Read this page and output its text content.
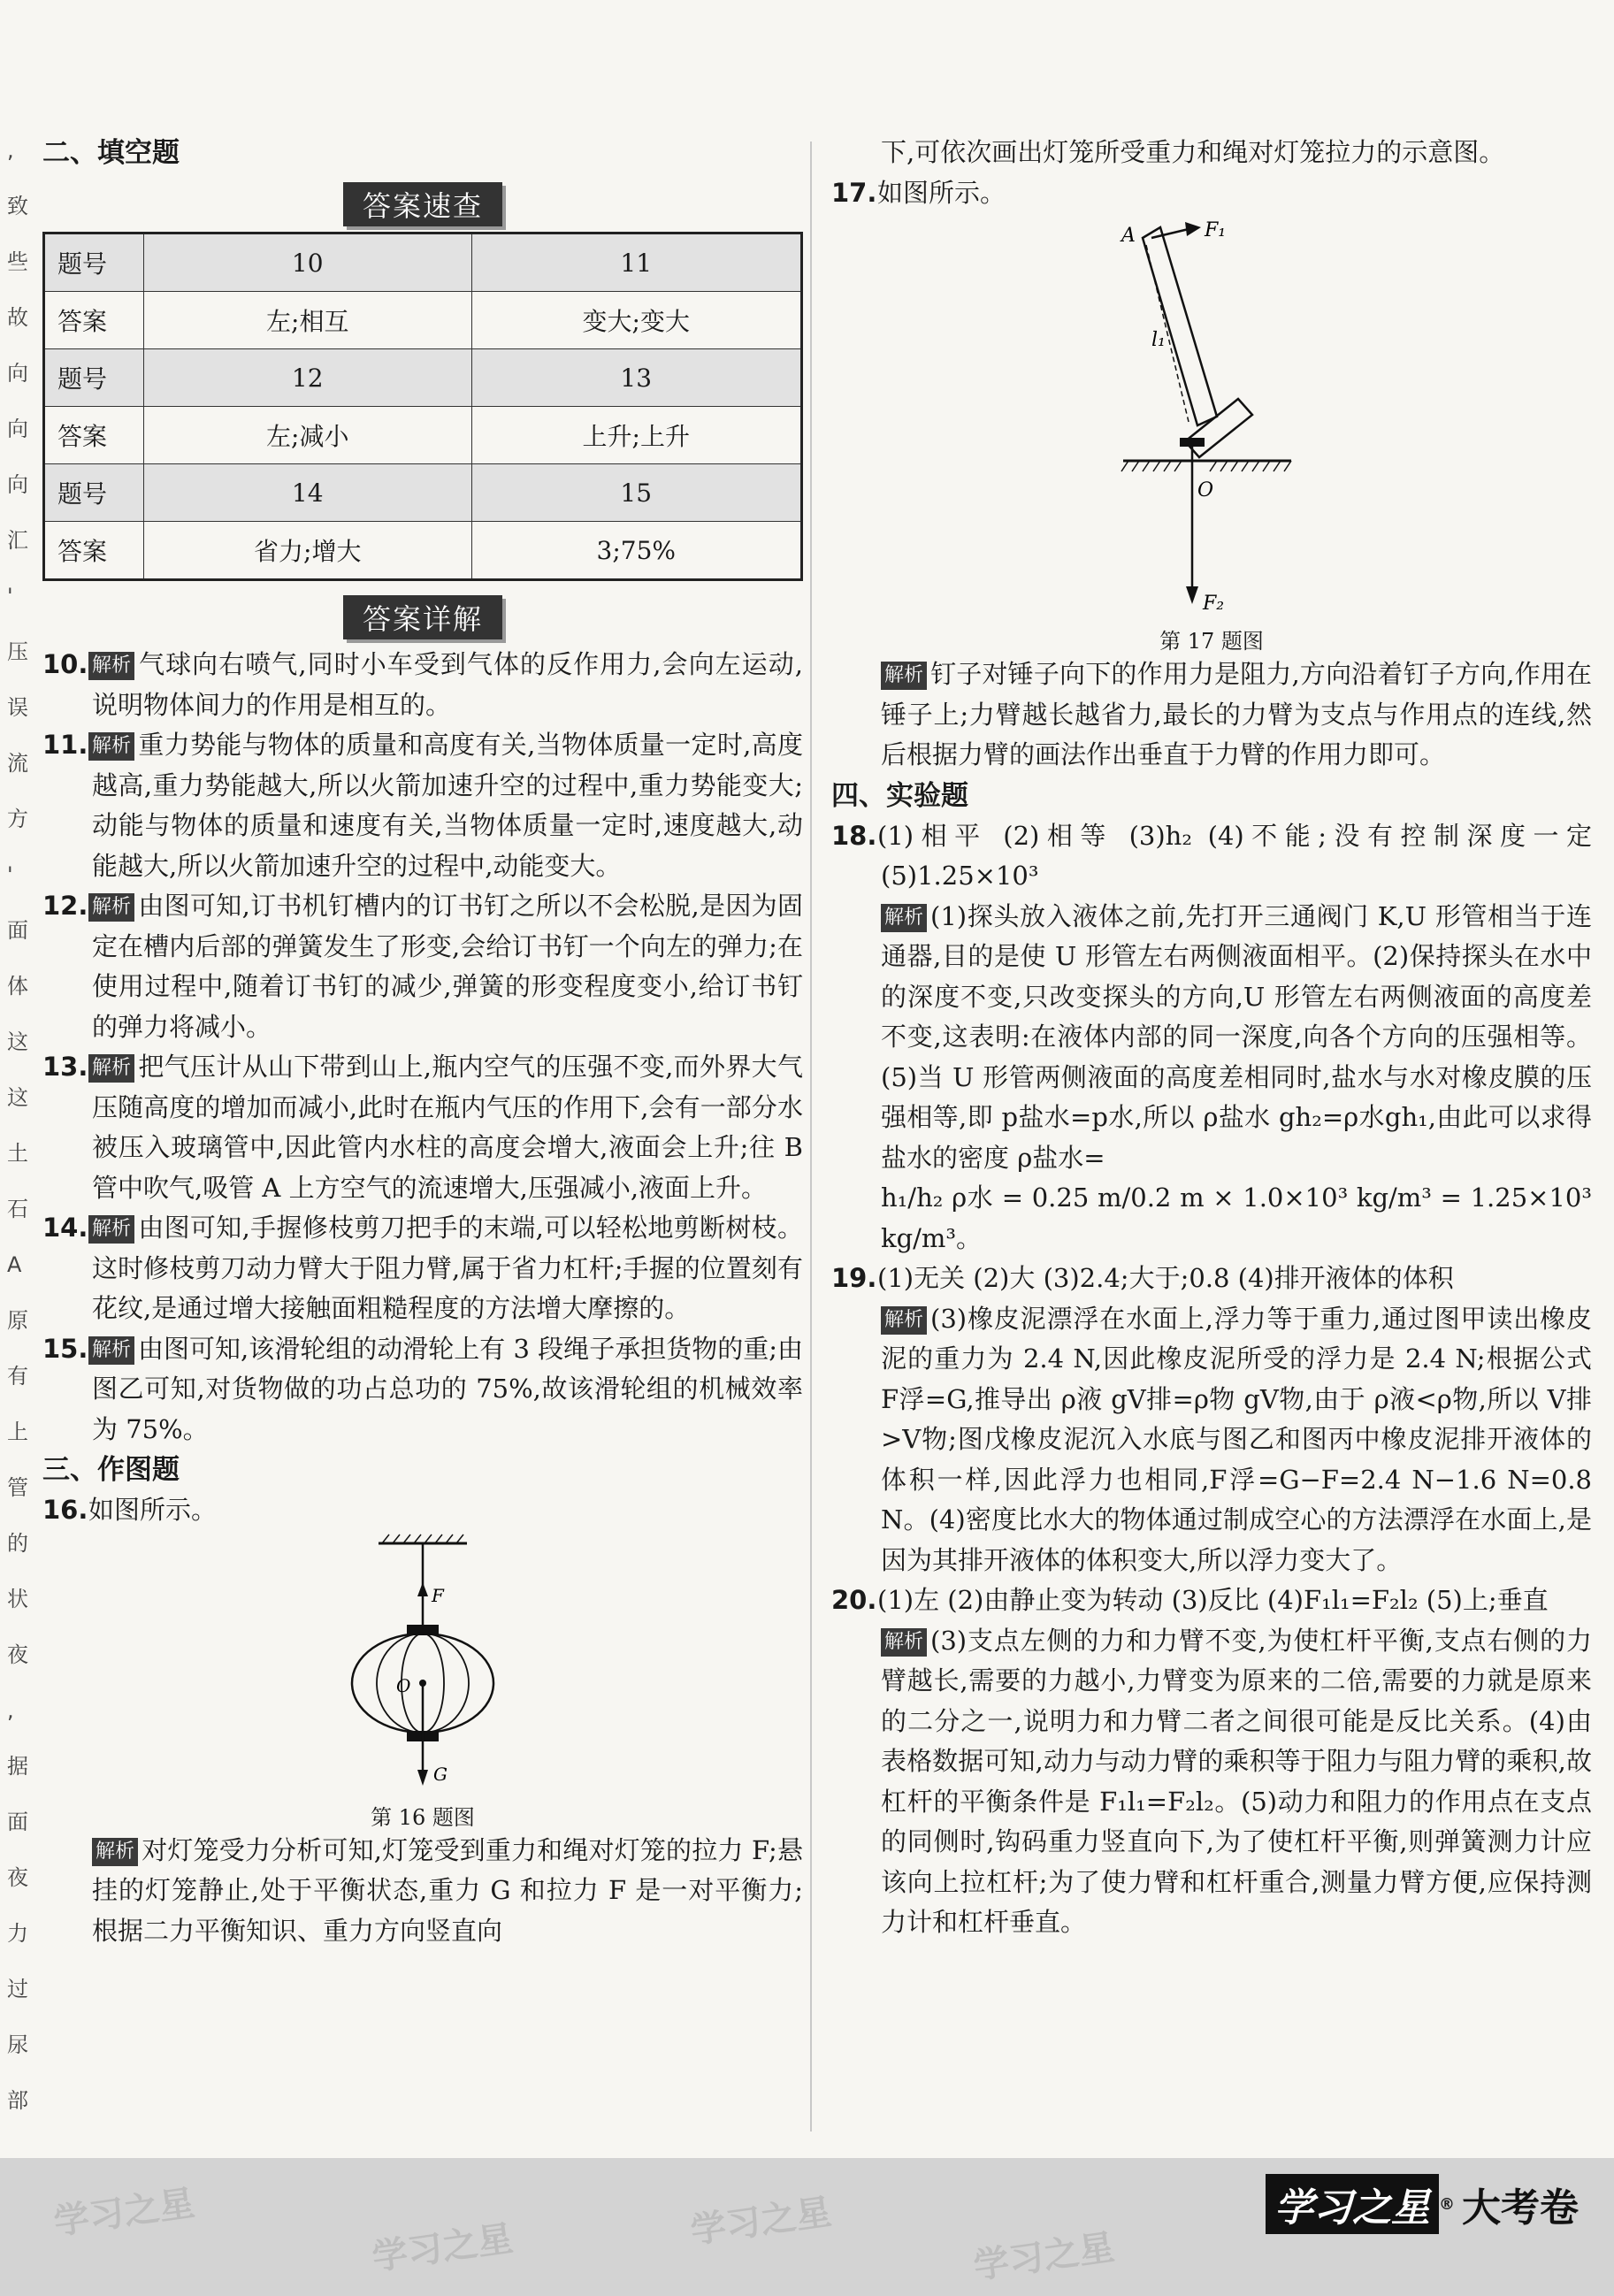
,
致
些
故
向
向
向
汇
'
压
误
流
方
'
面
体
这
这
土
石
A
原
有
上
管
的
状
夜
,
据
面
夜
力
过
尿
部
二、填空题
答案速查
题号	10	11
答案	左;相互	变大;变大
题号	12	13
答案	左;减小	上升;上升
题号	14	15
答案	省力;增大	3;75%
答案详解
10. 解析 气球向右喷气,同时小车受到气体的反作用力,会向左运动,说明物体间力的作用是相互的。
11. 解析 重力势能与物体的质量和高度有关,当物体质量一定时,高度越高,重力势能越大,所以火箭加速升空的过程中,重力势能变大;动能与物体的质量和速度有关,当物体质量一定时,速度越大,动能越大,所以火箭加速升空的过程中,动能变大。
12. 解析 由图可知,订书机钉槽内的订书钉之所以不会松脱,是因为固定在槽内后部的弹簧发生了形变,会给订书钉一个向左的弹力;在使用过程中,随着订书钉的减少,弹簧的形变程度变小,给订书钉的弹力将减小。
13. 解析 把气压计从山下带到山上,瓶内空气的压强不变,而外界大气压随高度的增加而减小,此时在瓶内气压的作用下,会有一部分水被压入玻璃管中,因此管内水柱的高度会增大,液面会上升;往 B 管中吹气,吸管 A 上方空气的流速增大,压强减小,液面上升。
14. 解析 由图可知,手握修枝剪刀把手的末端,可以轻松地剪断树枝。这时修枝剪刀动力臂大于阻力臂,属于省力杠杆;手握的位置刻有花纹,是通过增大接触面粗糙程度的方法增大摩擦的。
15. 解析 由图可知,该滑轮组的动滑轮上有 3 段绳子承担货物的重;由图乙可知,对货物做的功占总功的 75%,故该滑轮组的机械效率为 75%。
三、作图题
16.如图所示。
F
O
G
第 16 题图
解析 对灯笼受力分析可知,灯笼受到重力和绳对灯笼的拉力 F;悬挂的灯笼静止,处于平衡状态,重力 G 和拉力 F 是一对平衡力;根据二力平衡知识、重力方向竖直向
下,可依次画出灯笼所受重力和绳对灯笼拉力的示意图。
17.如图所示。
F₁
A
l₁
O
F₂
第 17 题图
解析 钉子对锤子向下的作用力是阻力,方向沿着钉子方向,作用在锤子上;力臂越长越省力,最长的力臂为支点与作用点的连线,然后根据力臂的画法作出垂直于力臂的作用力即可。
四、实验题
18.(1)相平 (2)相等 (3)h₂ (4)不能;没有控制深度一定 (5)1.25×10³
解析 (1)探头放入液体之前,先打开三通阀门 K,U 形管相当于连通器,目的是使 U 形管左右两侧液面相平。(2)保持探头在水中的深度不变,只改变探头的方向,U 形管左右两侧液面的高度差不变,这表明:在液体内部的同一深度,向各个方向的压强相等。(5)当 U 形管两侧液面的高度差相同时,盐水与水对橡皮膜的压强相等,即 p盐水=p水,所以 ρ盐水 gh₂=ρ水gh₁,由此可以求得盐水的密度 ρ盐水=
h₁/h₂ ρ水 = 0.25 m/0.2 m × 1.0×10³ kg/m³ = 1.25×10³ kg/m³。
19.(1)无关 (2)大 (3)2.4;大于;0.8 (4)排开液体的体积
解析 (3)橡皮泥漂浮在水面上,浮力等于重力,通过图甲读出橡皮泥的重力为 2.4 N,因此橡皮泥所受的浮力是 2.4 N;根据公式 F浮=G,推导出 ρ液 gV排=ρ物 gV物,由于 ρ液<ρ物,所以 V排>V物;图戊橡皮泥沉入水底与图乙和图丙中橡皮泥排开液体的体积一样,因此浮力也相同,F浮=G−F=2.4 N−1.6 N=0.8 N。(4)密度比水大的物体通过制成空心的方法漂浮在水面上,是因为其排开液体的体积变大,所以浮力变大了。
20.(1)左 (2)由静止变为转动 (3)反比 (4)F₁l₁=F₂l₂ (5)上;垂直
解析 (3)支点左侧的力和力臂不变,为使杠杆平衡,支点右侧的力臂越长,需要的力越小,力臂变为原来的二倍,需要的力就是原来的二分之一,说明力和力臂二者之间很可能是反比关系。(4)由表格数据可知,动力与动力臂的乘积等于阻力与阻力臂的乘积,故杠杆的平衡条件是 F₁l₁=F₂l₂。(5)动力和阻力的作用点在支点的同侧时,钩码重力竖直向下,为了使杠杆平衡,则弹簧测力计应该向上拉杠杆;为了使力臂和杠杆重合,测量力臂方便,应保持测力计和杠杆垂直。
学习之星
学习之星	学习之星
学习之星
学习之星 ® 大考卷
